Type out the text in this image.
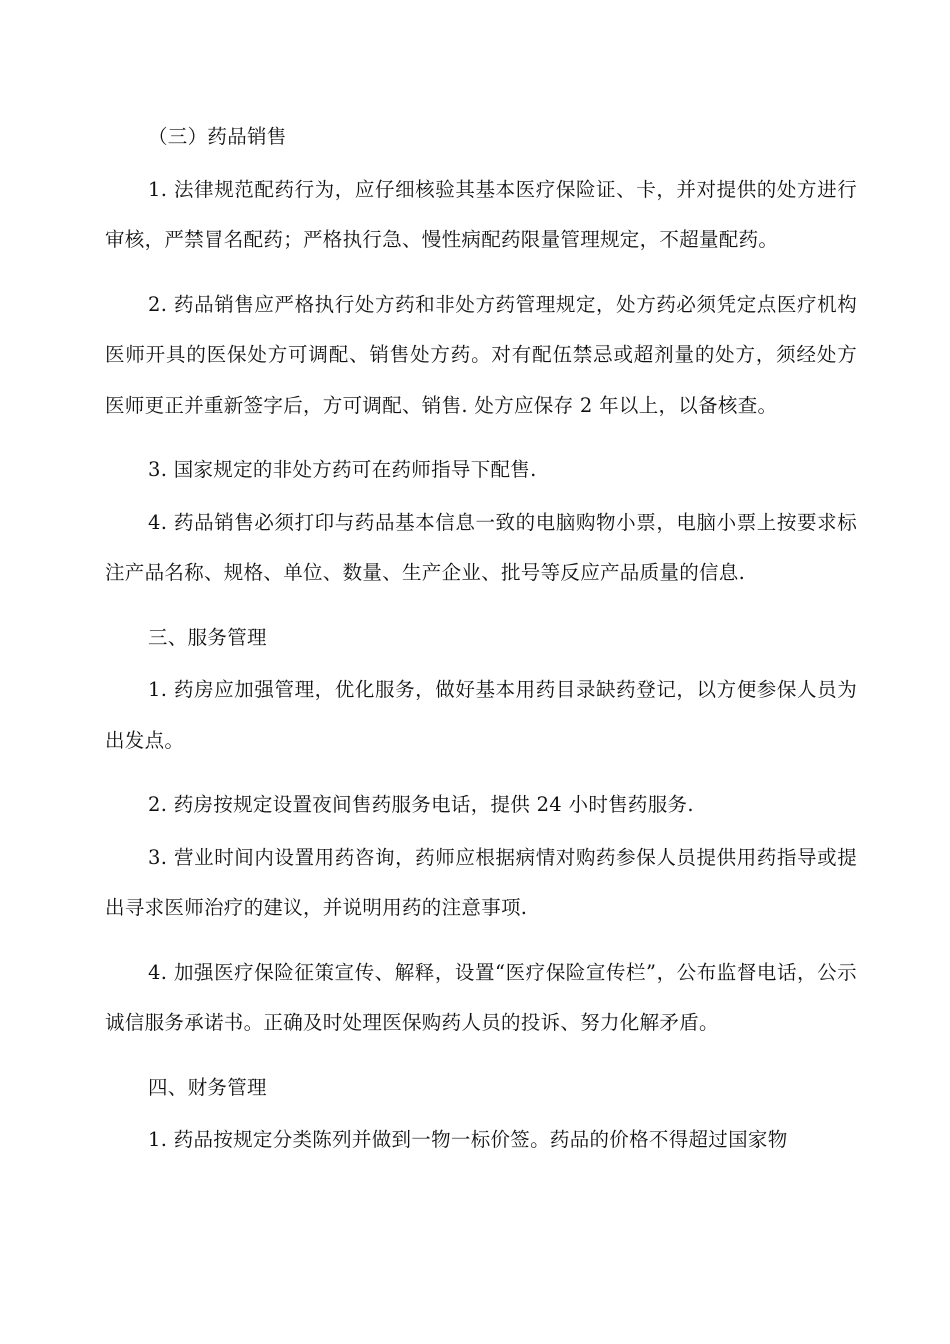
（三）药品销售

1. 法律规范配药行为，应仔细核验其基本医疗保险证、卡，并对提供的处方进行审核，严禁冒名配药；严格执行急、慢性病配药限量管理规定，不超量配药。

2. 药品销售应严格执行处方药和非处方药管理规定，处方药必须凭定点医疗机构医师开具的医保处方可调配、销售处方药。对有配伍禁忌或超剂量的处方，须经处方医师更正并重新签字后，方可调配、销售. 处方应保存 2 年以上，以备核查。

3. 国家规定的非处方药可在药师指导下配售.

4. 药品销售必须打印与药品基本信息一致的电脑购物小票，电脑小票上按要求标注产品名称、规格、单位、数量、生产企业、批号等反应产品质量的信息.

三、服务管理

1. 药房应加强管理，优化服务，做好基本用药目录缺药登记，以方便参保人员为出发点。

2. 药房按规定设置夜间售药服务电话，提供 24 小时售药服务.

3. 营业时间内设置用药咨询，药师应根据病情对购药参保人员提供用药指导或提出寻求医师治疗的建议，并说明用药的注意事项.

4. 加强医疗保险征策宣传、解释，设置“医疗保险宣传栏”，公布监督电话，公示诚信服务承诺书。正确及时处理医保购药人员的投诉、努力化解矛盾。

四、财务管理

1. 药品按规定分类陈列并做到一物一标价签。药品的价格不得超过国家物
